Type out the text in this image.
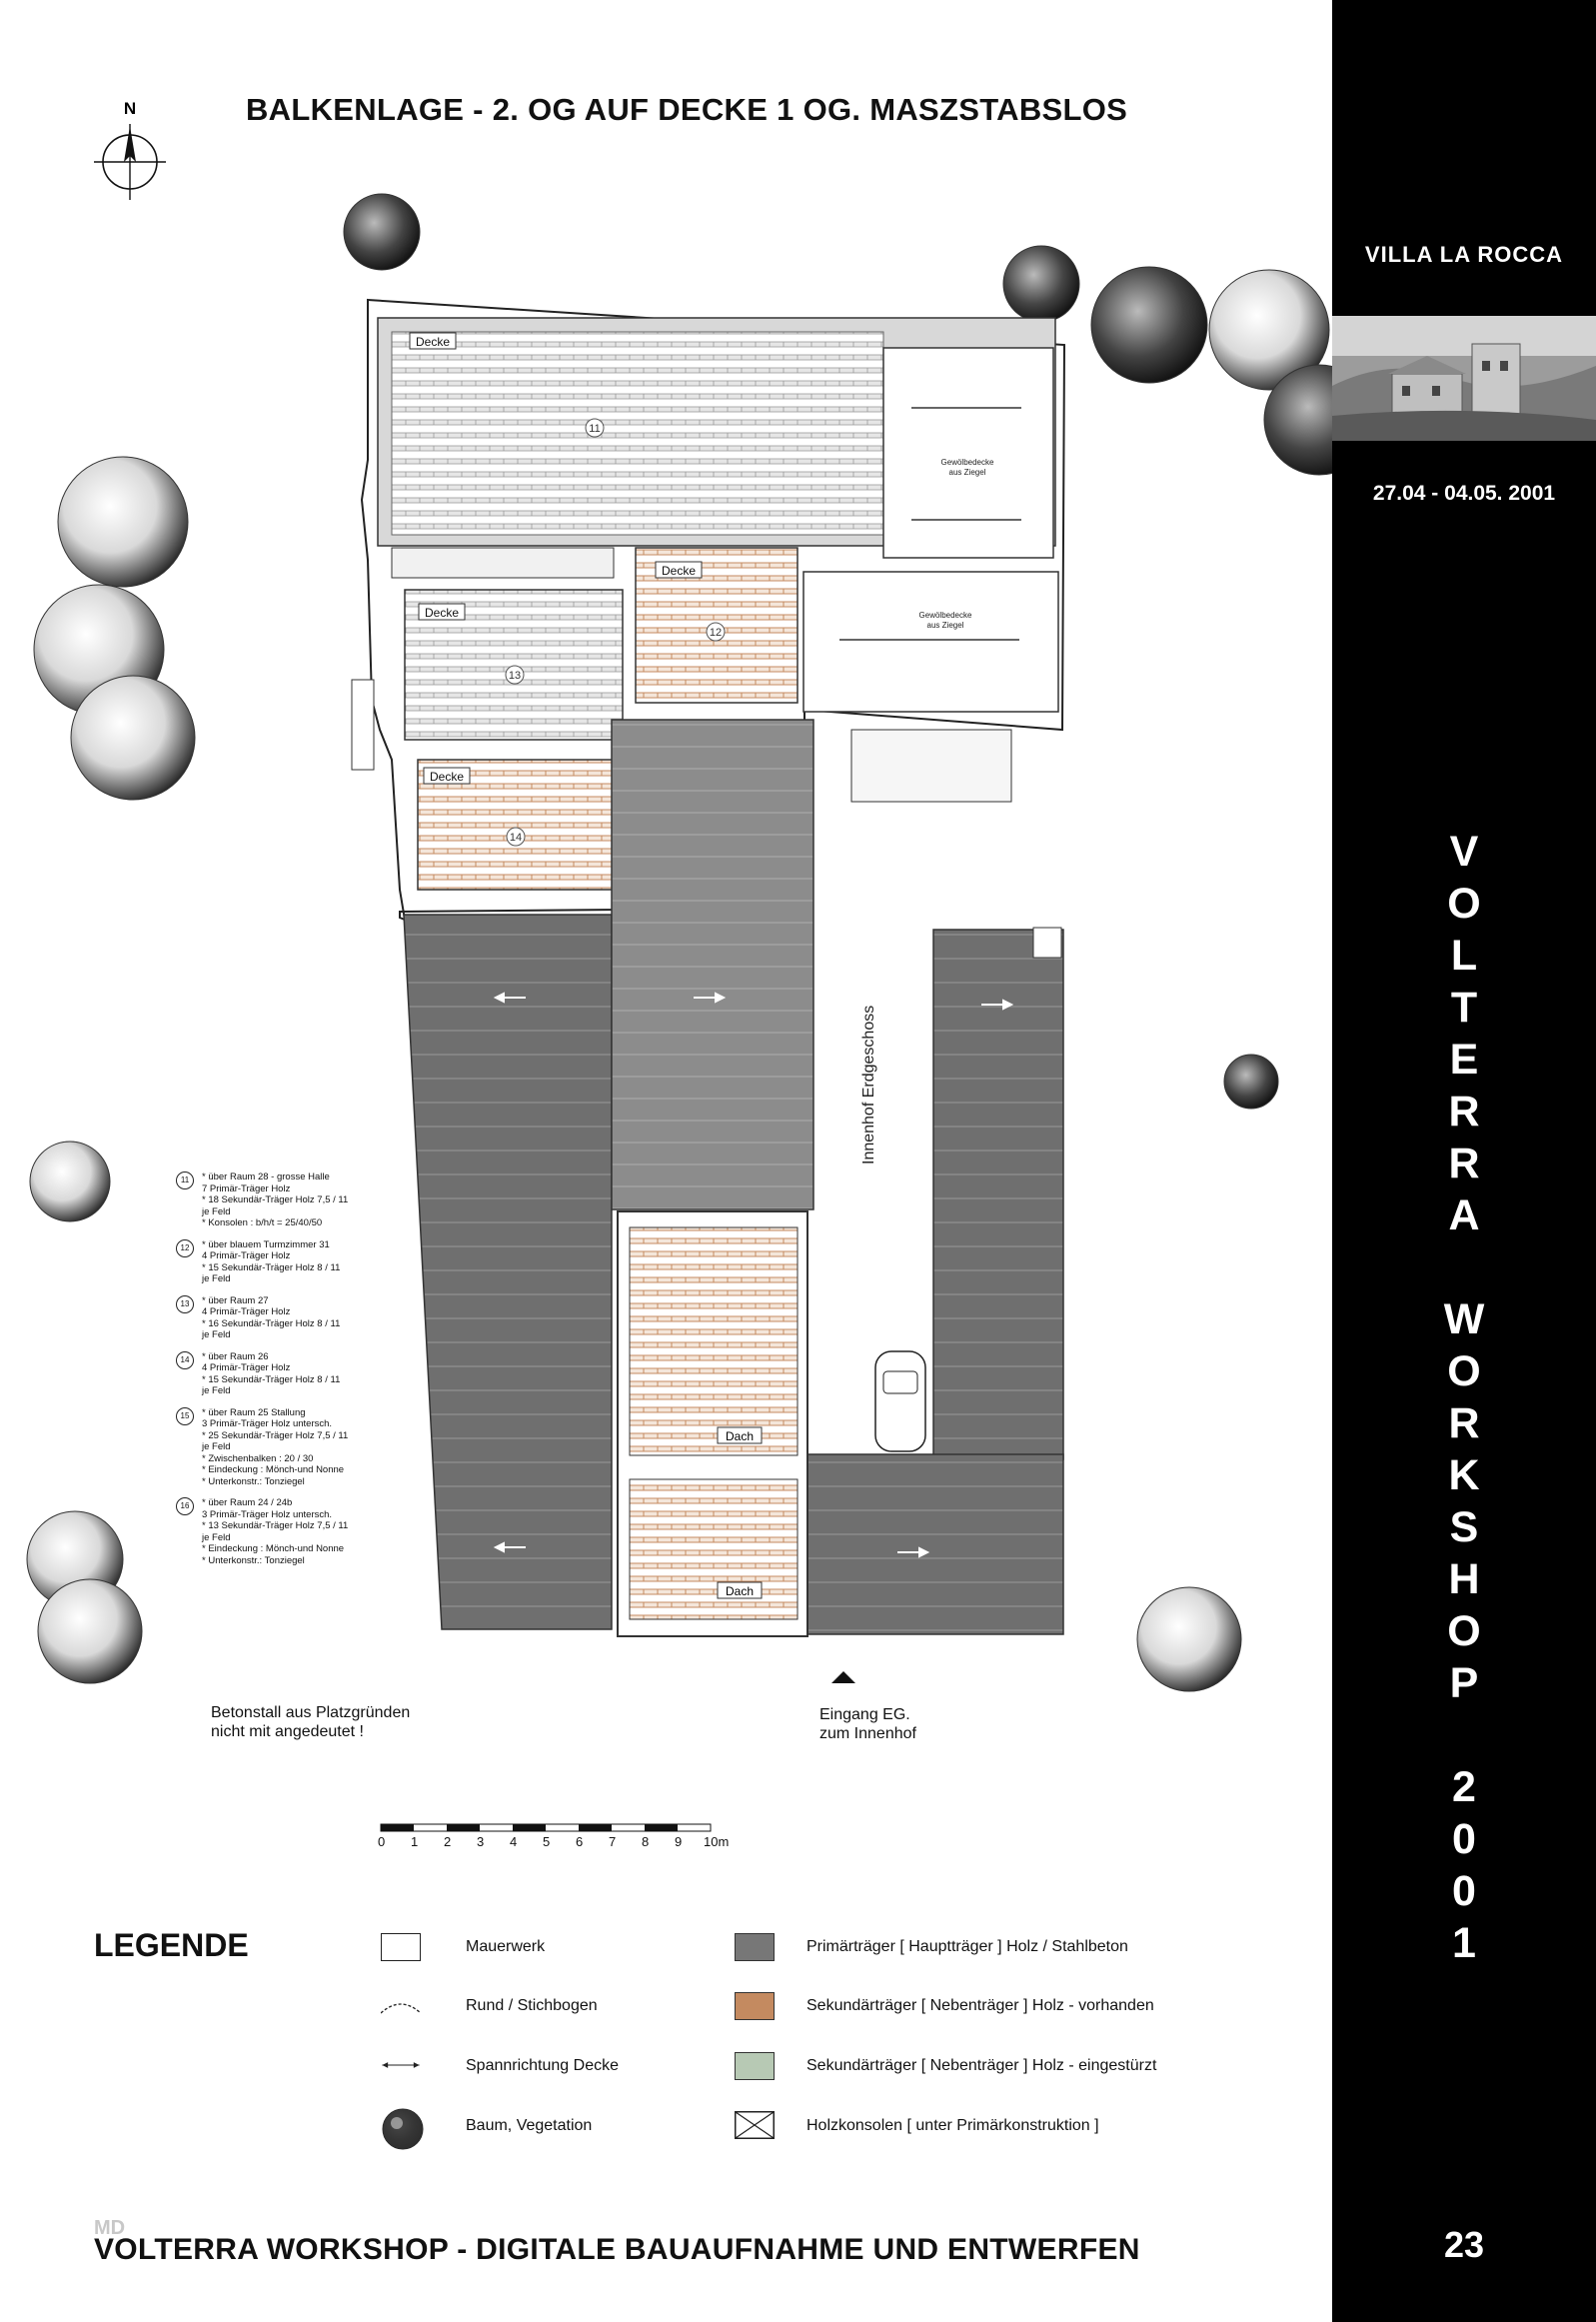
BALKENLAGE - 2. OG AUF DECKE 1 OG. MASZSTABSLOS
N
Gewölbedecke
aus Ziegel
Gewölbedecke
aus Ziegel
Decke
Decke
Decke
Decke
11
12
13
14
Dach
Dach
Innenhof Erdgeschoss
0 1 2 3 4 5 6 7 8 9 10m
Betonstall aus Platzgründen
nicht mit angedeutet !
Eingang EG.
zum Innenhof
11	* über Raum 28 - grosse Halle
7 Primär-Träger Holz
* 18 Sekundär-Träger Holz 7,5 / 11
je Feld
* Konsolen : b/h/t = 25/40/50
12	* über blauem Turmzimmer 31
4 Primär-Träger Holz
* 15 Sekundär-Träger Holz 8 / 11
je Feld
13	* über Raum 27
4 Primär-Träger Holz
* 16 Sekundär-Träger Holz 8 / 11
je Feld
14	* über Raum 26
4 Primär-Träger Holz
* 15 Sekundär-Träger Holz 8 / 11
je Feld
15	* über Raum 25 Stallung
3 Primär-Träger Holz untersch.
* 25 Sekundär-Träger Holz 7,5 / 11
je Feld
* Zwischenbalken : 20 / 30
* Eindeckung : Mönch-und Nonne
* Unterkonstr.: Tonziegel
16	* über Raum 24 / 24b
3 Primär-Träger Holz untersch.
* 13 Sekundär-Träger Holz 7,5 / 11
je Feld
* Eindeckung : Mönch-und Nonne
* Unterkonstr.: Tonziegel
VILLA LA ROCCA
27.04 - 04.05. 2001
V
O
L
T
E
R
R
A
W
O
R
K
S
H
O
P
2
0
0
1
23
LEGENDE	Mauerwerk
Rund / Stichbogen
Spannrichtung Decke
Baum, Vegetation
Primärträger [ Hauptträger ] Holz / Stahlbeton
Sekundärträger [ Nebenträger ] Holz - vorhanden
Sekundärträger [ Nebenträger ] Holz - eingestürzt
Holzkonsolen [ unter Primärkonstruktion ]
MD
VOLTERRA WORKSHOP - DIGITALE BAUAUFNAHME UND ENTWERFEN
